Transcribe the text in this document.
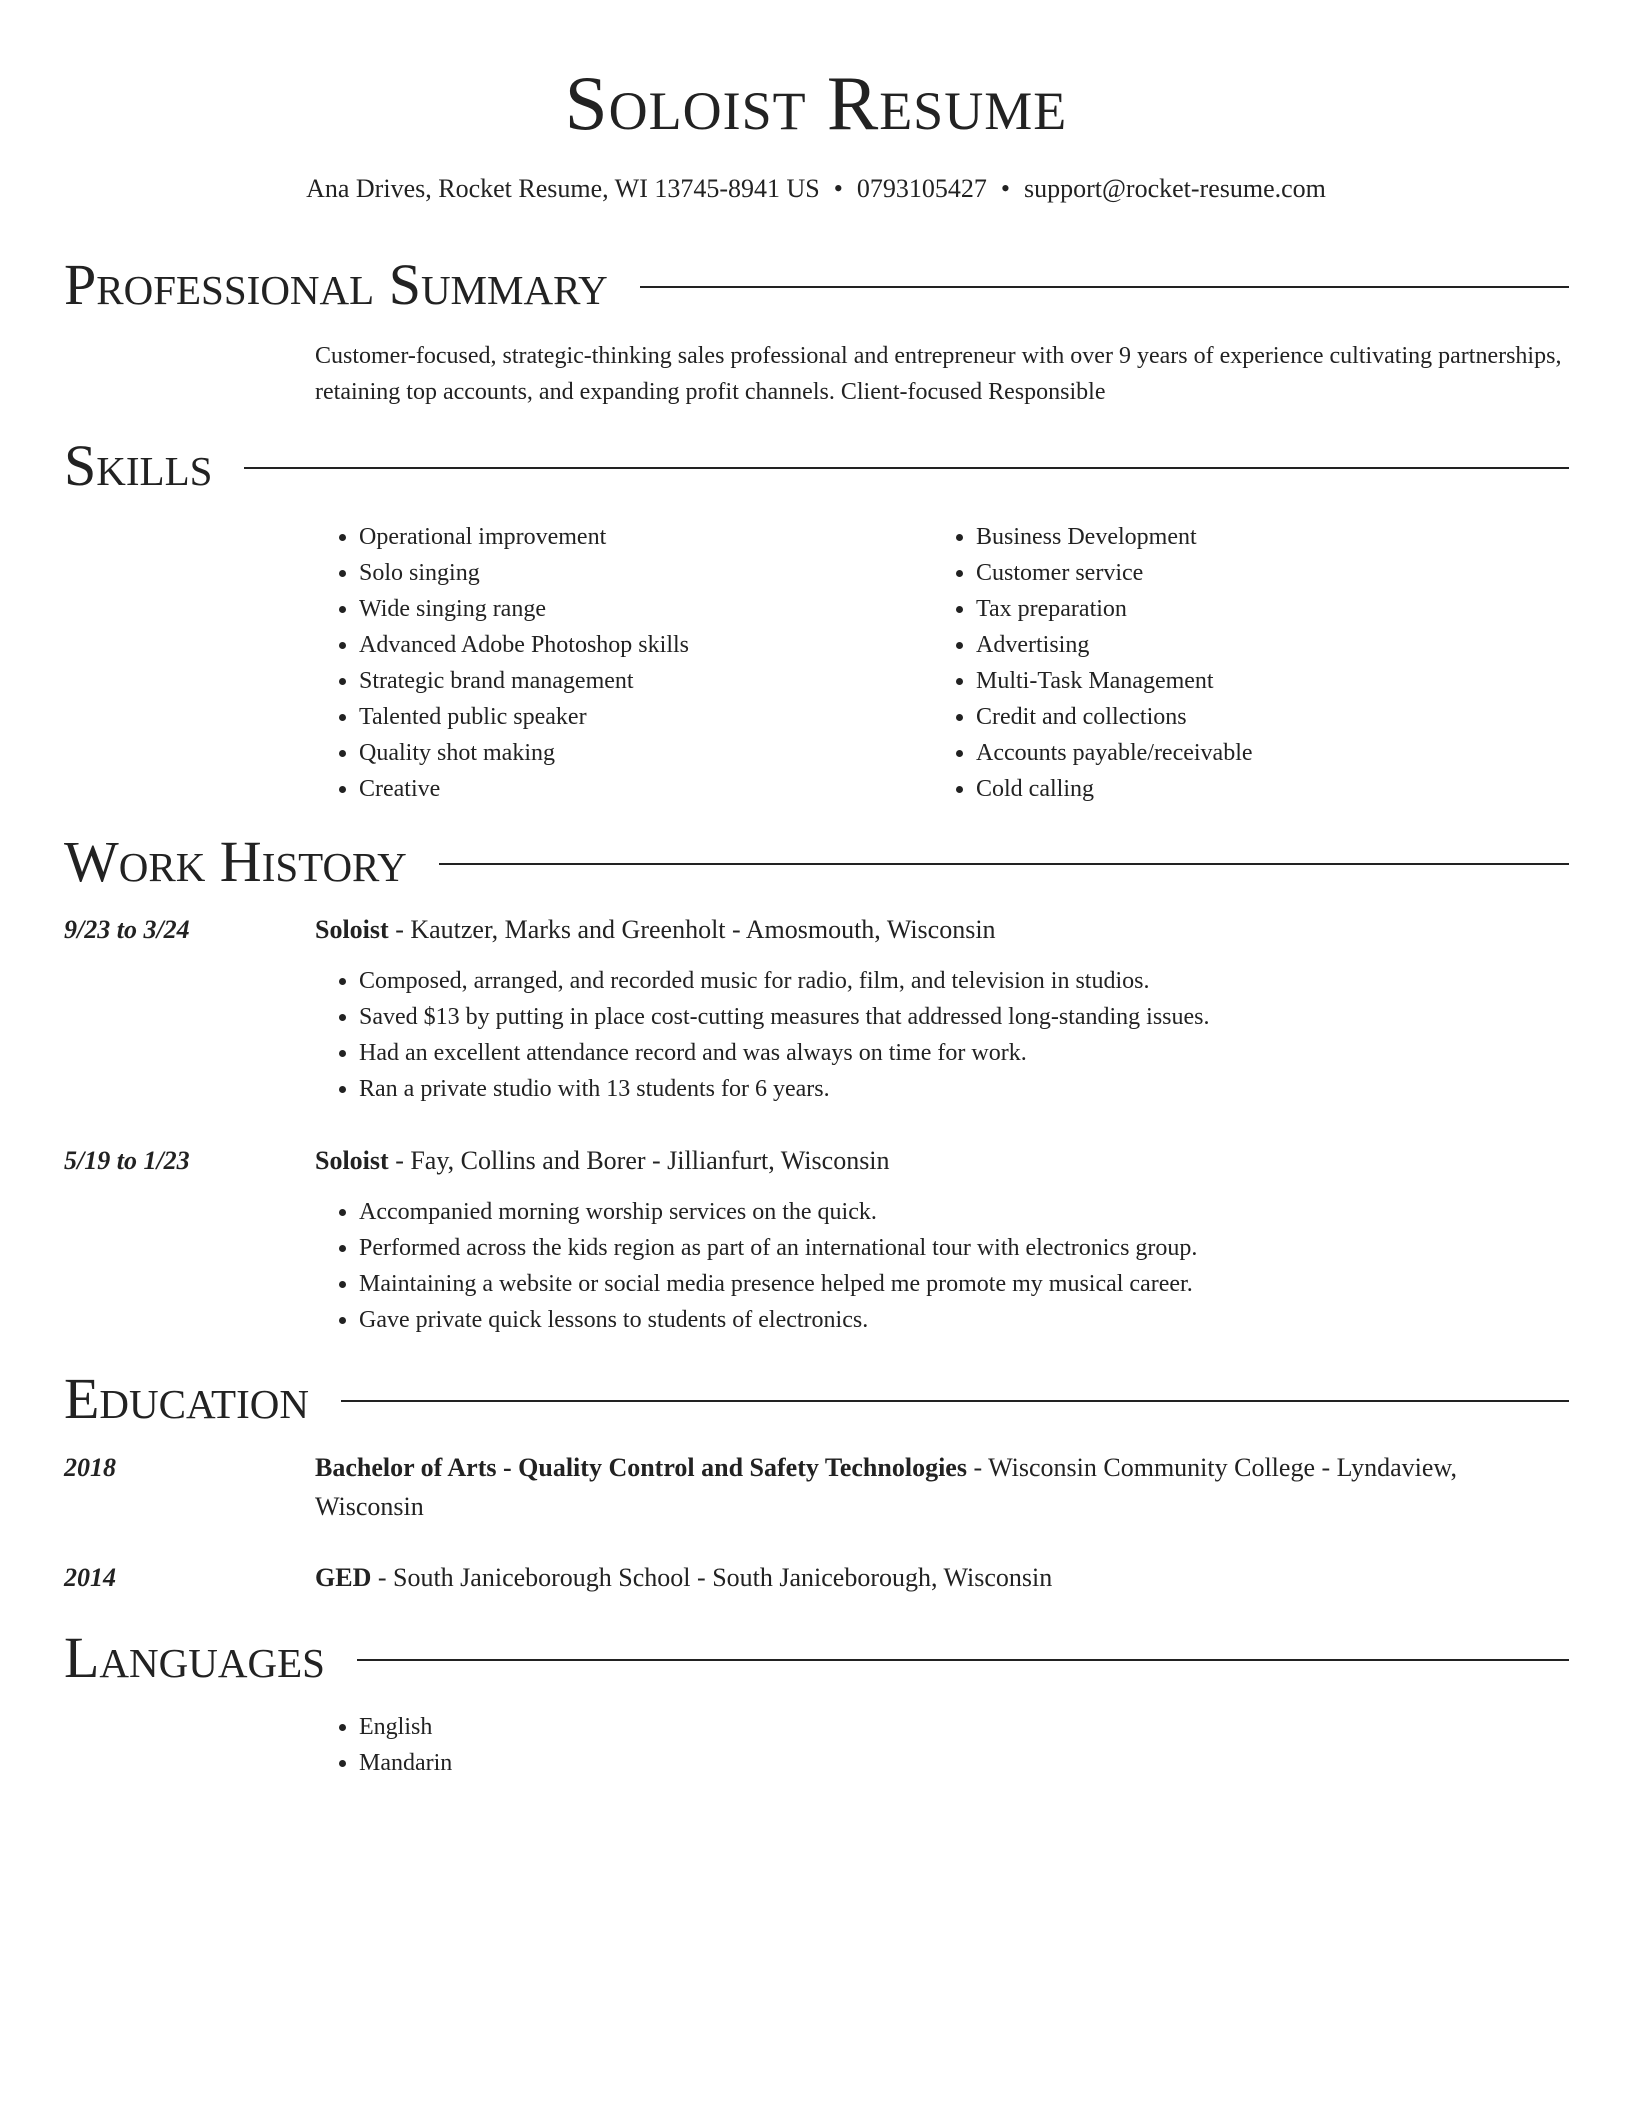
Soloist Resume

Ana Drives, Rocket Resume, WI 13745-8941 US • 0793105427 • support@rocket-resume.com

Professional Summary

Customer-focused, strategic-thinking sales professional and entrepreneur with over 9 years of experience cultivating partnerships, retaining top accounts, and expanding profit channels. Client-focused Responsible

Skills
• Operational improvement
• Solo singing
• Wide singing range
• Advanced Adobe Photoshop skills
• Strategic brand management
• Talented public speaker
• Quality shot making
• Creative
• Business Development
• Customer service
• Tax preparation
• Advertising
• Multi-Task Management
• Credit and collections
• Accounts payable/receivable
• Cold calling
Work History
9/23 to 3/24	Soloist - Kautzer, Marks and Greenholt - Amosmouth, Wisconsin
• Composed, arranged, and recorded music for radio, film, and television in studios.
• Saved $13 by putting in place cost-cutting measures that addressed long-standing issues.
• Had an excellent attendance record and was always on time for work.
• Ran a private studio with 13 students for 6 years.
5/19 to 1/23	Soloist - Fay, Collins and Borer - Jillianfurt, Wisconsin
• Accompanied morning worship services on the quick.
• Performed across the kids region as part of an international tour with electronics group.
• Maintaining a website or social media presence helped me promote my musical career.
• Gave private quick lessons to students of electronics.
Education
2018	Bachelor of Arts - Quality Control and Safety Technologies - Wisconsin Community College - Lyndaview, Wisconsin
2014	GED - South Janiceborough School - South Janiceborough, Wisconsin
Languages
• English
• Mandarin
